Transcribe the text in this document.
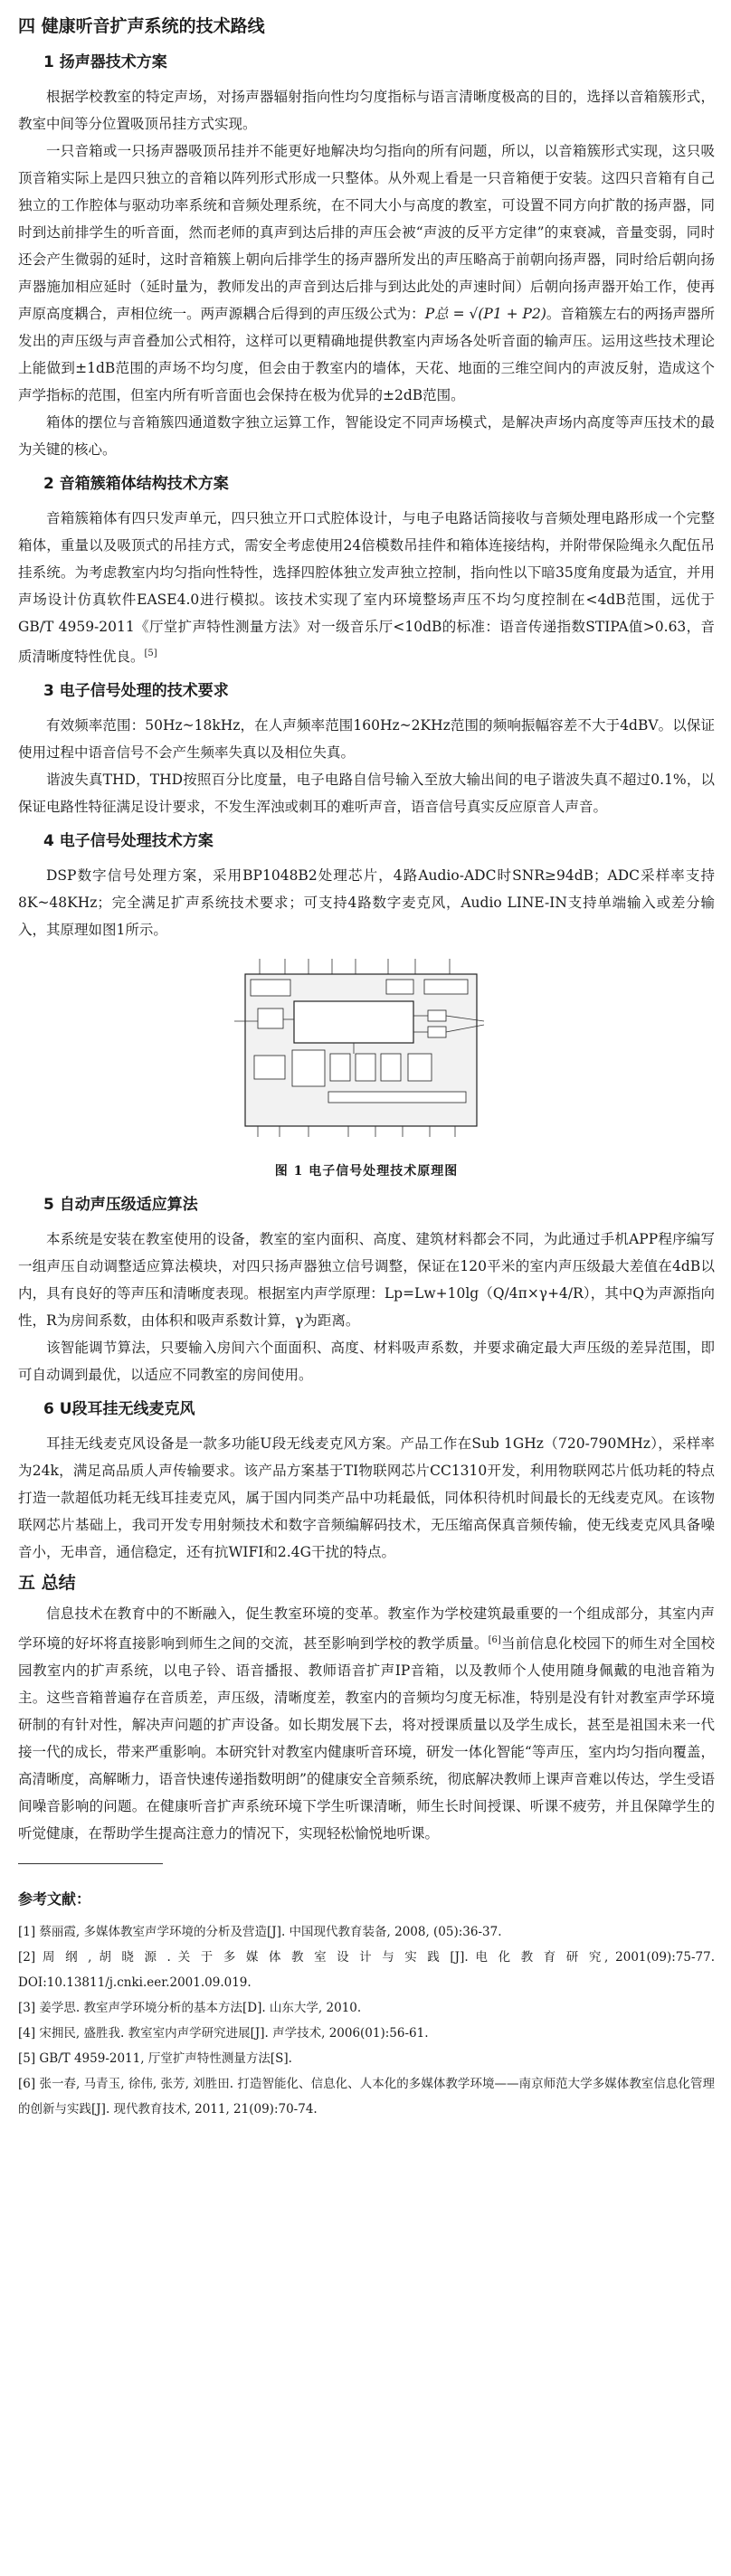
四 健康听音扩声系统的技术路线
1 扬声器技术方案

根据学校教室的特定声场，对扬声器辐射指向性均匀度指标与语言清晰度极高的目的，选择以音箱簇形式，教室中间等分位置吸顶吊挂方式实现。

一只音箱或一只扬声器吸顶吊挂并不能更好地解决均匀指向的所有问题，所以，以音箱簇形式实现，这只吸顶音箱实际上是四只独立的音箱以阵列形式形成一只整体。从外观上看是一只音箱便于安装。这四只音箱有自己独立的工作腔体与驱动功率系统和音频处理系统，在不同大小与高度的教室，可设置不同方向扩散的扬声器，同时到达前排学生的听音面，然而老师的真声到达后排的声压会被“声波的反平方定律”的束衰减，音量变弱，同时还会产生微弱的延时，这时音箱簇上朝向后排学生的扬声器所发出的声压略高于前朝向扬声器，同时给后朝向扬声器施加相应延时（延时量为，教师发出的声音到达后排与到达此处的声速时间）后朝向扬声器开始工作，使再声原高度耦合，声相位统一。两声源耦合后得到的声压级公式为：P总 = √(P1 + P2)。音箱簇左右的两扬声器所发出的声压级与声音叠加公式相符，这样可以更精确地提供教室内声场各处听音面的输声压。运用这些技术理论上能做到±1dB范围的声场不均匀度，但会由于教室内的墙体，天花、地面的三维空间内的声波反射，造成这个声学指标的范围，但室内所有听音面也会保持在极为优异的±2dB范围。

箱体的摆位与音箱簇四通道数字独立运算工作，智能设定不同声场模式，是解决声场内高度等声压技术的最为关键的核心。

2 音箱簇箱体结构技术方案

音箱簇箱体有四只发声单元，四只独立开口式腔体设计，与电子电路话筒接收与音频处理电路形成一个完整箱体，重量以及吸顶式的吊挂方式，需安全考虑使用24倍模数吊挂件和箱体连接结构，并附带保险绳永久配伍吊挂系统。为考虑教室内均匀指向性特性，选择四腔体独立发声独立控制，指向性以下暗35度角度最为适宜，并用声场设计仿真软件EASE4.0进行模拟。该技术实现了室内环境整场声压不均匀度控制在<4dB范围，远优于GB/T 4959-2011《厅堂扩声特性测量方法》对一级音乐厅<10dB的标准：语音传递指数STIPA值>0.63，音质清晰度特性优良。[5]

3 电子信号处理的技术要求

有效频率范围：50Hz~18kHz，在人声频率范围160Hz~2KHz范围的频响振幅容差不大于4dBV。以保证使用过程中语音信号不会产生频率失真以及相位失真。

谐波失真THD，THD按照百分比度量，电子电路自信号输入至放大输出间的电子谐波失真不超过0.1%，以保证电路性特征满足设计要求，不发生浑浊或刺耳的难听声音，语音信号真实反应原音人声音。

4 电子信号处理技术方案

DSP数字信号处理方案，采用BP1048B2处理芯片，4路Audio-ADC时SNR≥94dB；ADC采样率支持8K~48KHz；完全满足扩声系统技术要求；可支持4路数字麦克风，Audio LINE-IN支持单端输入或差分输入，其原理如图1所示。

图 1 电子信号处理技术原理图
5 自动声压级适应算法

本系统是安装在教室使用的设备，教室的室内面积、高度、建筑材料都会不同，为此通过手机APP程序编写一组声压自动调整适应算法模块，对四只扬声器独立信号调整，保证在120平米的室内声压级最大差值在4dB以内，具有良好的等声压和清晰度表现。根据室内声学原理：Lp=Lw+10lg（Q/4π×γ+4/R），其中Q为声源指向性，R为房间系数，由体积和吸声系数计算，γ为距离。

该智能调节算法，只要输入房间六个面面积、高度、材料吸声系数，并要求确定最大声压级的差异范围，即可自动调到最优，以适应不同教室的房间使用。

6 U段耳挂无线麦克风

耳挂无线麦克风设备是一款多功能U段无线麦克风方案。产品工作在Sub 1GHz（720-790MHz），采样率为24k，满足高品质人声传输要求。该产品方案基于TI物联网芯片CC1310开发，利用物联网芯片低功耗的特点打造一款超低功耗无线耳挂麦克风，属于国内同类产品中功耗最低，同体积待机时间最长的无线麦克风。在该物联网芯片基础上，我司开发专用射频技术和数字音频编解码技术，无压缩高保真音频传输，使无线麦克风具备噪音小，无串音，通信稳定，还有抗WIFI和2.4G干扰的特点。

五 总结

信息技术在教育中的不断融入，促生教室环境的变革。教室作为学校建筑最重要的一个组成部分，其室内声学环境的好坏将直接影响到师生之间的交流，甚至影响到学校的教学质量。[6]当前信息化校园下的师生对全国校园教室内的扩声系统，以电子铃、语音播报、教师语音扩声IP音箱，以及教师个人使用随身佩戴的电池音箱为主。这些音箱普遍存在音质差，声压级，清晰度差，教室内的音频均匀度无标准，特别是没有针对教室声学环境研制的有针对性，解决声问题的扩声设备。如长期发展下去，将对授课质量以及学生成长，甚至是祖国未来一代接一代的成长，带来严重影响。本研究针对教室内健康听音环境，研发一体化智能“等声压，室内均匀指向覆盖，高清晰度，高解晰力，语音快速传递指数明朗”的健康安全音频系统，彻底解决教师上课声音难以传达，学生受语间噪音影响的问题。在健康听音扩声系统环境下学生听课清晰，师生长时间授课、听课不疲劳，并且保障学生的听觉健康，在帮助学生提高注意力的情况下，实现轻松愉悦地听课。

参考文献：

[1] 蔡丽霞, 多媒体教室声学环境的分析及营造[J]. 中国现代教育装备, 2008, (05):36-37.

[2] 周 纲 , 胡 晓 源 . 关 于 多 媒 体 教 室 设 计 与 实 践 [J]. 电 化 教 育 研 究, 2001(09):75-77. DOI:10.13811/j.cnki.eer.2001.09.019.

[3] 姜学思. 教室声学环境分析的基本方法[D]. 山东大学, 2010.

[4] 宋拥民, 盛胜我. 教室室内声学研究进展[J]. 声学技术, 2006(01):56-61.

[5] GB/T 4959-2011, 厅堂扩声特性测量方法[S].

[6] 张一春, 马青玉, 徐伟, 张芳, 刘胜田. 打造智能化、信息化、人本化的多媒体教学环境——南京师范大学多媒体教室信息化管理的创新与实践[J]. 现代教育技术, 2011, 21(09):70-74.
